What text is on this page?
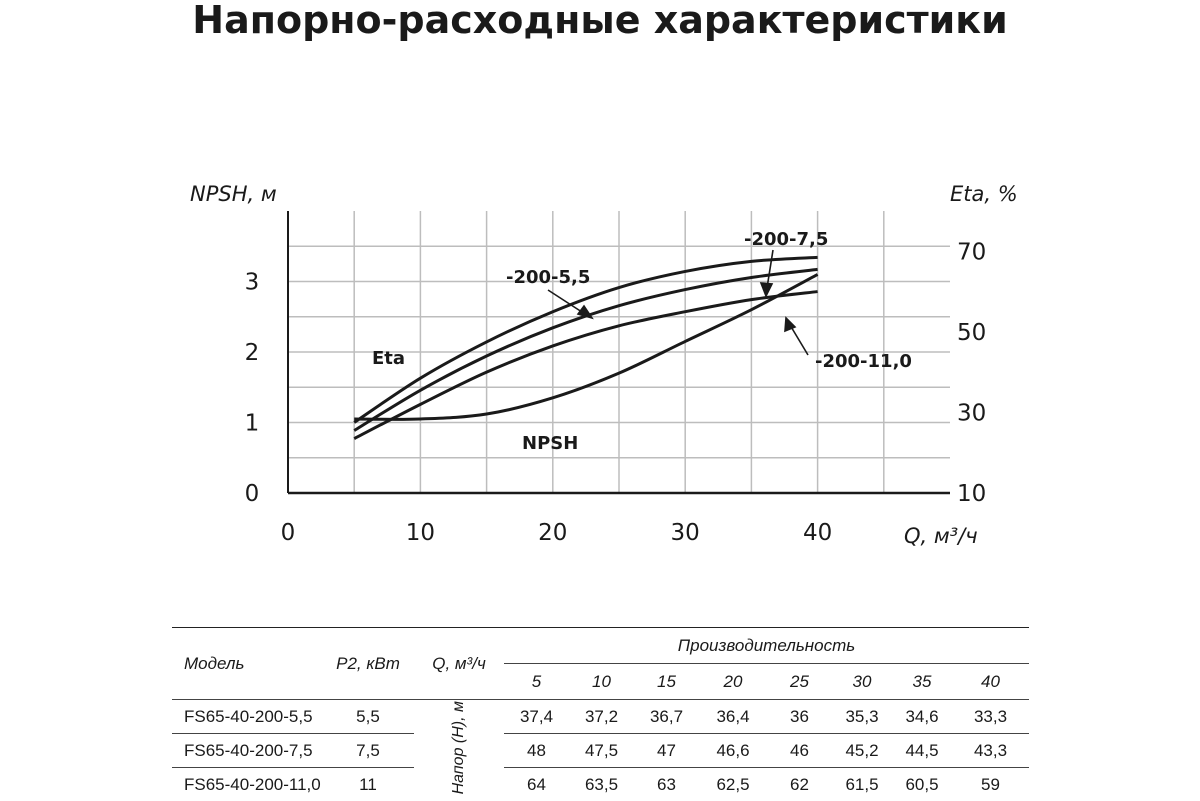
Напорно-расходные характеристики
0	10	20	30	40
0
1
2
3
10
30
50
70
NPSH, м	Eta, %
Q, м³/ч
Eta
NPSH
-200-5,5
-200-7,5
-200-11,0
Модель	P2, кВт	Q, м³/ч	Производительность							
			5	10	15	20	25	30	35	40
FS65-40-200-5,5	5,5	Напор (H), м	37,4	37,2	36,7	36,4	36	35,3	34,6	33,3
FS65-40-200-7,5	7,5		48	47,5	47	46,6	46	45,2	44,5	43,3
FS65-40-200-11,0	11		64	63,5	63	62,5	62	61,5	60,5	59
